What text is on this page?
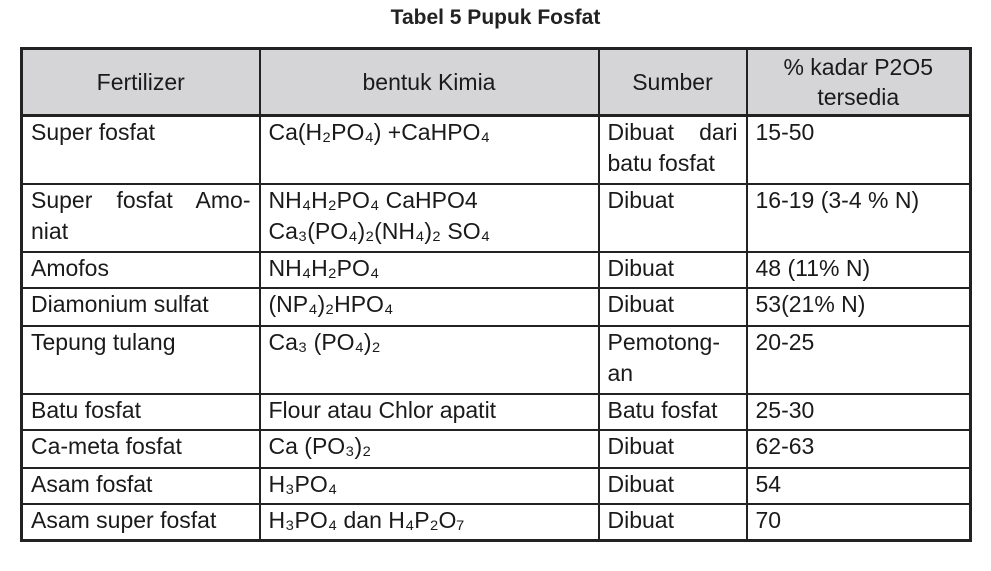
Tabel 5 Pupuk Fosfat
Fertilizer	bentuk Kimia	Sumber	% kadar P2O5 tersedia
Super fosfat	Ca(H₂PO₄) +CaHPO₄	Dibuat dari batu fosfat	15-50
Super fosfat Amo-niat	NH₄H₂PO₄ CaHPO4 Ca₃(PO₄)₂(NH₄)₂ SO₄	Dibuat	16-19 (3-4 % N)
Amofos	NH₄H₂PO₄	Dibuat	48 (11% N)
Diamonium sulfat	(NP₄)₂HPO₄	Dibuat	53(21% N)
Tepung tulang	Ca₃ (PO₄)₂	Pemotong-an	20-25
Batu fosfat	Flour atau Chlor apatit	Batu fosfat	25-30
Ca-meta fosfat	Ca (PO₃)₂	Dibuat	62-63
Asam fosfat	H₃PO₄	Dibuat	54
Asam super fosfat	H₃PO₄ dan H₄P₂O₇	Dibuat	70
